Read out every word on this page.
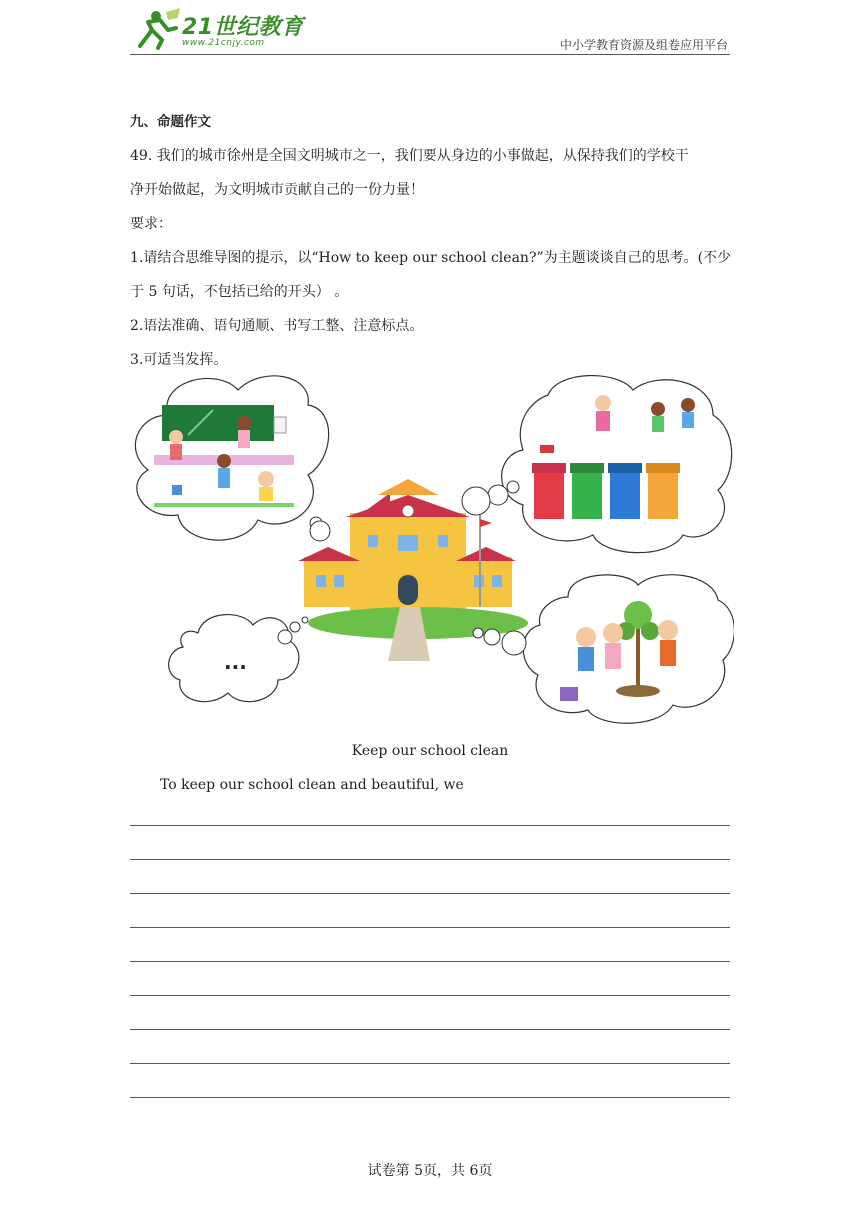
21世纪教育
www.21cnjy.com	中小学教育资源及组卷应用平台
九、命题作文
49. 我们的城市徐州是全国文明城市之一，我们要从身边的小事做起，从保持我们的学校干
净开始做起，为文明城市贡献自己的一份力量！
要求：
1.请结合思维导图的提示，以“How to keep our school clean?”为主题谈谈自己的思考。(不少
于 5 句话，不包括已给的开头） 。
2.语法准确、语句通顺、书写工整、注意标点。
3.可适当发挥。
...
Keep our school clean
To keep our school clean and beautiful, we
试卷第 5页，共 6页
